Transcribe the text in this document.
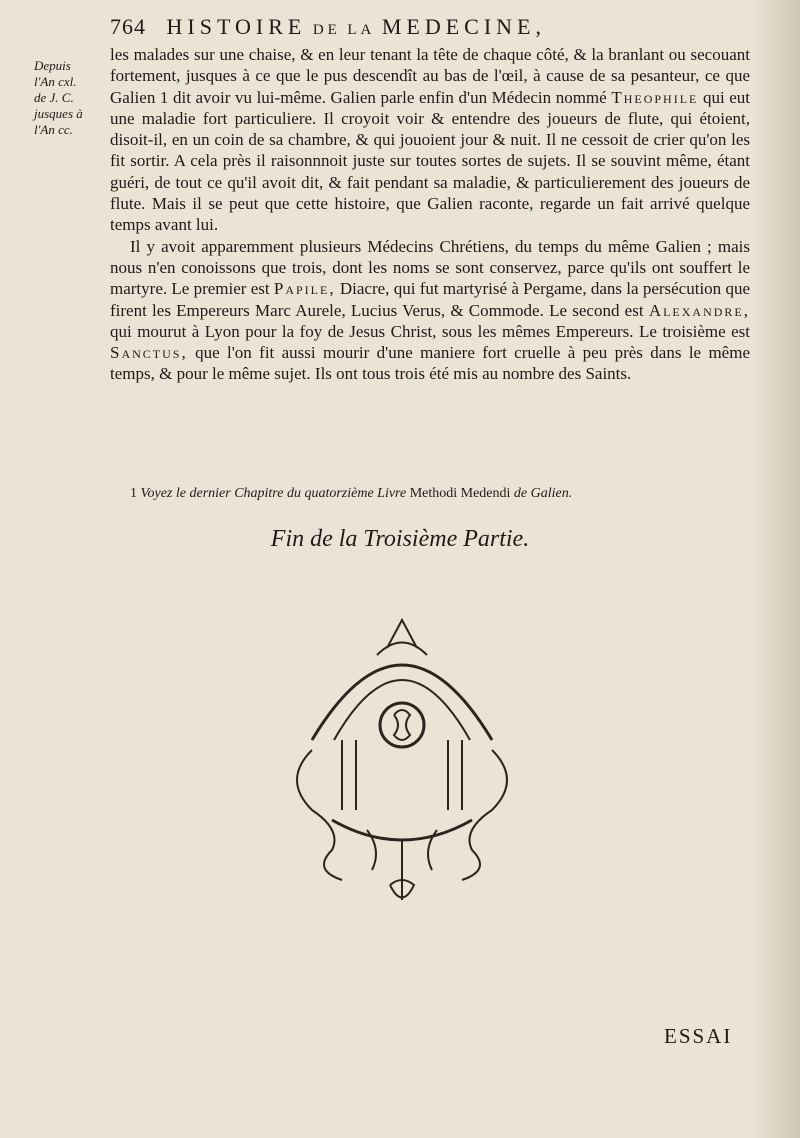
764 HISTOIRE DE LA MEDECINE,
Depuis
l'An cxl.
de J. C.
jusques à
l'An cc.

les malades sur une chaise, & en leur tenant la tête de chaque côté, & la branlant ou secouant fortement, jusques à ce que le pus descendît au bas de l'œil, à cause de sa pesanteur, ce que Galien 1 dit avoir vu lui-même. Galien parle enfin d'un Médecin nommé Theophile qui eut une maladie fort particuliere. Il croyoit voir & entendre des joueurs de flute, qui étoient, disoit-il, en un coin de sa chambre, & qui jouoient jour & nuit. Il ne cessoit de crier qu'on les fit sortir. A cela près il raisonnnoit juste sur toutes sortes de sujets. Il se souvint même, étant guéri, de tout ce qu'il avoit dit, & fait pendant sa maladie, & particulierement des joueurs de flute. Mais il se peut que cette histoire, que Galien raconte, regarde un fait arrivé quelque temps avant lui.

Il y avoit apparemment plusieurs Médecins Chrétiens, du temps du même Galien ; mais nous n'en conoissons que trois, dont les noms se sont conservez, parce qu'ils ont souffert le martyre. Le premier est Papile, Diacre, qui fut martyrisé à Pergame, dans la persécution que firent les Empereurs Marc Aurele, Lucius Verus, & Commode. Le second est Alexandre, qui mourut à Lyon pour la foy de Jesus Christ, sous les mêmes Empereurs. Le troisième est Sanctus, que l'on fit aussi mourir d'une maniere fort cruelle à peu près dans le même temps, & pour le même sujet. Ils ont tous trois été mis au nombre des Saints.

1 Voyez le dernier Chapitre du quatorzième Livre Methodi Medendi de Galien.
Fin de la Troisième Partie.
ESSAI
